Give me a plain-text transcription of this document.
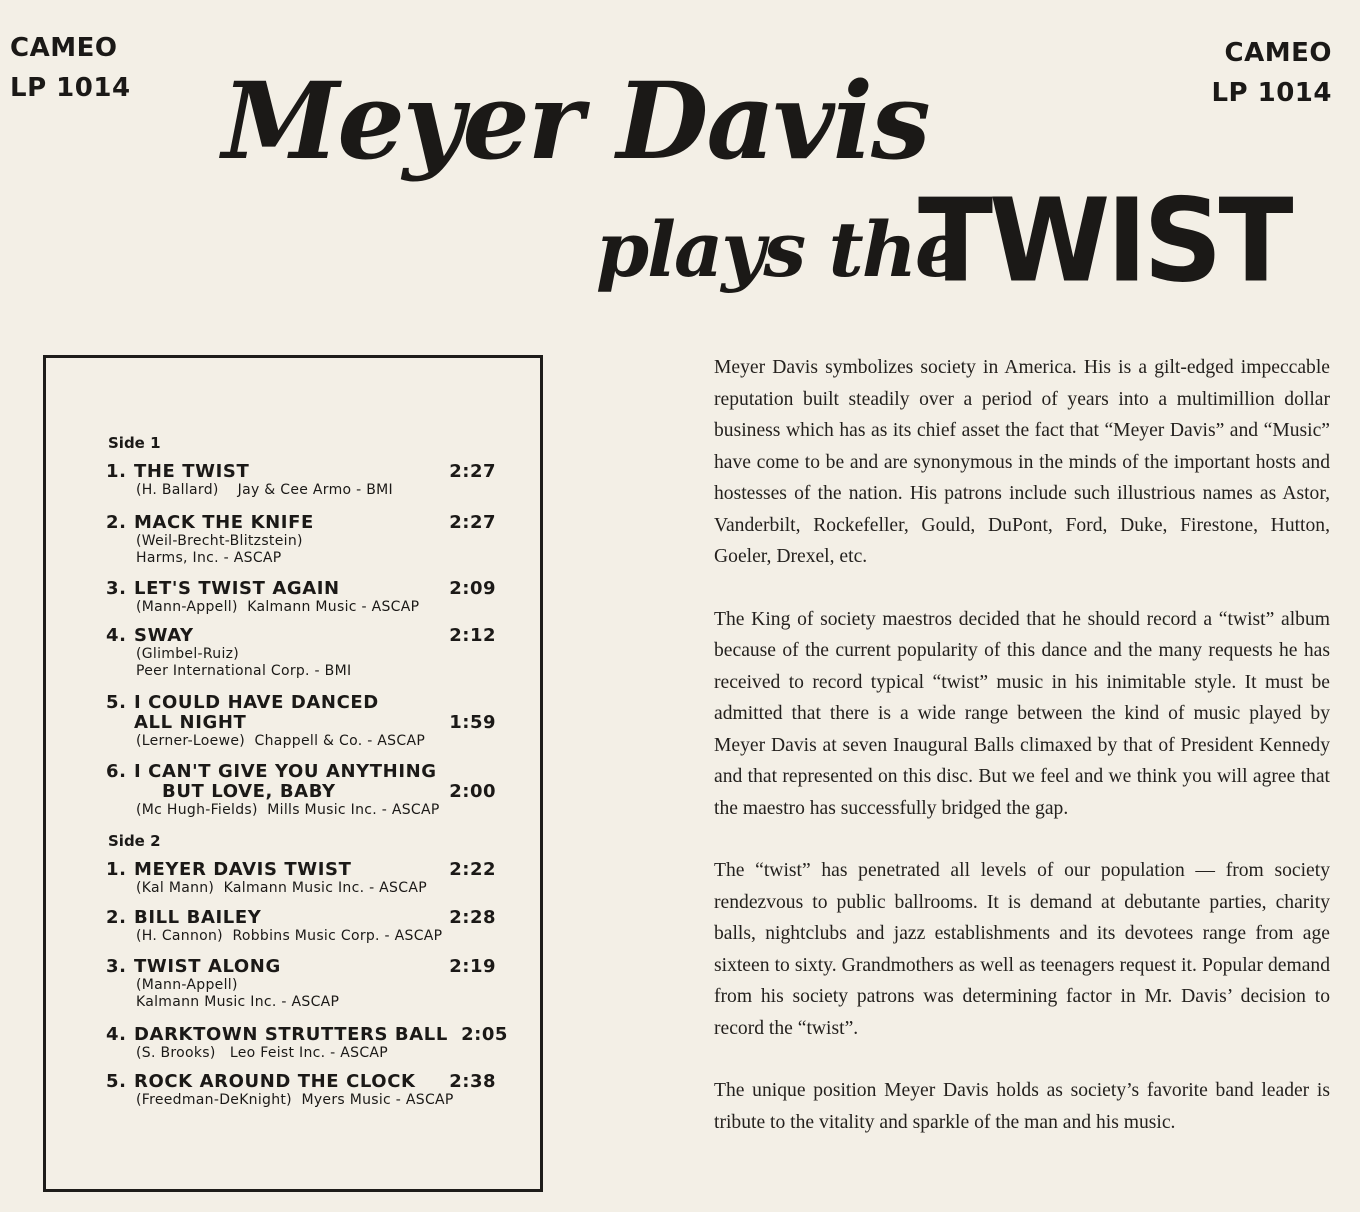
CAMEO
LP 1014
CAMEO
LP 1014
Meyer Davis
plays the
TWIST
Side 1
1. THE TWIST	2:27
(H. Ballard)    Jay & Cee Armo - BMI
2. MACK THE KNIFE	2:27
(Weil-Brecht-Blitzstein)
Harms, Inc. - ASCAP
3. LET'S TWIST AGAIN	2:09
(Mann-Appell)  Kalmann Music - ASCAP
4. SWAY	2:12
(Glimbel-Ruiz)
Peer International Corp. - BMI
5. I COULD HAVE DANCED
ALL NIGHT	1:59
(Lerner-Loewe)  Chappell & Co. - ASCAP
6. I CAN'T GIVE YOU ANYTHING
BUT LOVE, BABY	2:00
(Mc Hugh-Fields)  Mills Music Inc. - ASCAP
Side 2
1. MEYER DAVIS TWIST	2:22
(Kal Mann)  Kalmann Music Inc. - ASCAP
2. BILL BAILEY	2:28
(H. Cannon)  Robbins Music Corp. - ASCAP
3. TWIST ALONG	2:19
(Mann-Appell)
Kalmann Music Inc. - ASCAP
4. DARKTOWN STRUTTERS BALL 2:05
(S. Brooks)   Leo Feist Inc. - ASCAP
5. ROCK AROUND THE CLOCK	2:38
(Freedman-DeKnight)  Myers Music - ASCAP

Meyer Davis symbolizes society in America. His is a gilt-edged impeccable reputation built steadily over a period of years into a multimillion dollar business which has as its chief asset the fact that “Meyer Davis” and “Music” have come to be and are synonymous in the minds of the important hosts and hostesses of the nation. His patrons include such illustrious names as Astor, Vanderbilt, Rockefeller, Gould, DuPont, Ford, Duke, Firestone, Hutton, Goeler, Drexel, etc.

The King of society maestros decided that he should record a “twist” album because of the current popularity of this dance and the many requests he has received to record typical “twist” music in his inimitable style. It must be admitted that there is a wide range between the kind of music played by Meyer Davis at seven Inaugural Balls climaxed by that of President Kennedy and that represented on this disc. But we feel and we think you will agree that the maestro has successfully bridged the gap.

The “twist” has penetrated all levels of our population — from society rendezvous to public ballrooms. It is demand at debutante parties, charity balls, nightclubs and jazz establishments and its devotees range from age sixteen to sixty. Grandmothers as well as teenagers request it. Popular demand from his society patrons was determining factor in Mr. Davis’ decision to record the “twist”.

The unique position Meyer Davis holds as society’s favorite band leader is tribute to the vitality and sparkle of the man and his music.
